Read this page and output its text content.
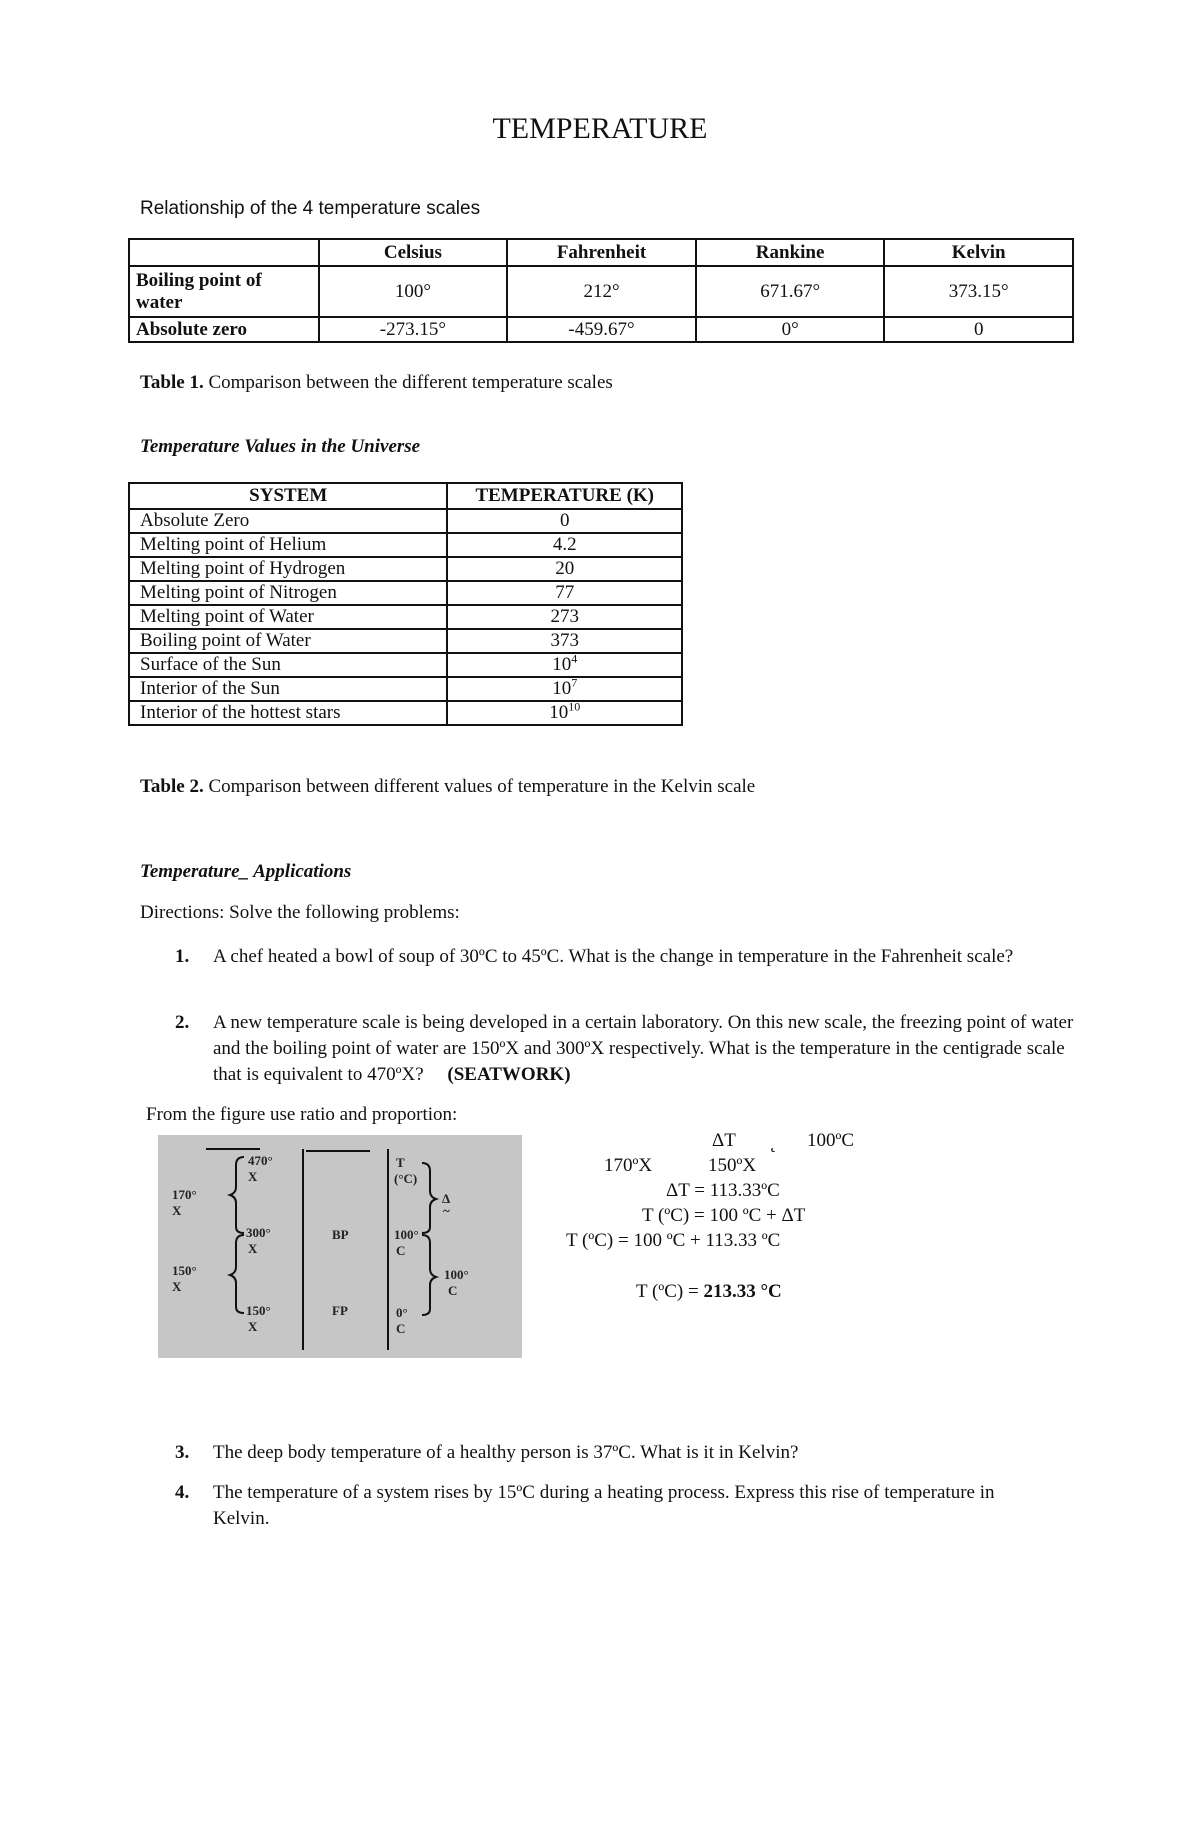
TEMPERATURE
Relationship of the 4 temperature scales
	Celsius	Fahrenheit	Rankine	Kelvin
Boiling point of water	100°	212°	671.67°	373.15°
Absolute zero	-273.15°	-459.67°	0°	0
Table 1. Comparison between the different temperature scales
Temperature Values in the Universe
SYSTEM	TEMPERATURE (K)
Absolute Zero	0
Melting point of Helium	4.2
Melting point of Hydrogen	20
Melting point of Nitrogen	77
Melting point of Water	273
Boiling point of Water	373
Surface of the Sun	$10^4$
Interior of the Sun	$10^7$
Interior of the hottest stars	$10^{10}$
Table 2. Comparison between different values of temperature in the Kelvin scale
Temperature_ Applications
Directions: Solve the following problems:
1. A chef heated a bowl of soup of 30ºC to 45ºC. What is the change in temperature in the Fahrenheit scale?
2. A new temperature scale is being developed in a certain laboratory. On this new scale, the freezing point of water and the boiling point of water are 150ºX and 300ºX respectively. What is the temperature in the centigrade scale that is equivalent to 470ºX? (SEATWORK)
From the figure use ratio and proportion:
470°
X
170°
X
300°
X
150°
X
150°
X
BP
FP
T
(°C)
100°
C
0°
C
Δ
~
100°
C
ΔT ˛ 100ºC
170ºX	150ºX
ΔT = 113.33ºC
T (ºC) = 100 ºC + ΔT
T (ºC) = 100 ºC + 113.33 ºC
T (ºC) = 213.33 °C
3. The deep body temperature of a healthy person is 37ºC. What is it in Kelvin?
4. The temperature of a system rises by 15ºC during a heating process. Express this rise of temperature in Kelvin.
